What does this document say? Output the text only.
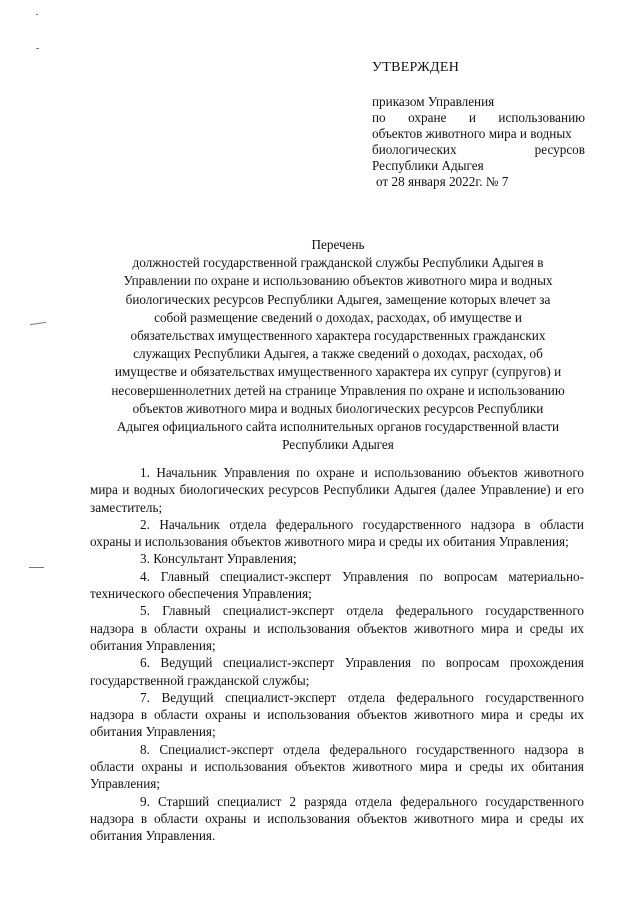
УТВЕРЖДЕН
приказом Управления
по охране и использованию
объектов животного мира и водных
биологических ресурсов
Республики Адыгея
от 28 января 2022г. № 7
Перечень
должностей государственной гражданской службы Республики Адыгея в
Управлении по охране и использованию объектов животного мира и водных
биологических ресурсов Республики Адыгея, замещение которых влечет за
собой размещение сведений о доходах, расходах, об имуществе и
обязательствах имущественного характера государственных гражданских
служащих Республики Адыгея, а также сведений о доходах, расходах, об
имуществе и обязательствах имущественного характера их супруг (супругов) и
несовершеннолетних детей на странице Управления по охране и использованию
объектов животного мира и водных биологических ресурсов Республики
Адыгея официального сайта исполнительных органов государственной власти
Республики Адыгея
1. Начальник Управления по охране и использованию объектов животного мира и водных биологических ресурсов Республики Адыгея (далее Управление) и его заместитель;
2. Начальник отдела федерального государственного надзора в области охраны и использования объектов животного мира и среды их обитания Управления;
3. Консультант Управления;
4. Главный специалист-эксперт Управления по вопросам материально-технического обеспечения Управления;
5. Главный специалист-эксперт отдела федерального государственного надзора в области охраны и использования объектов животного мира и среды их обитания Управления;
6. Ведущий специалист-эксперт Управления по вопросам прохождения государственной гражданской службы;
7. Ведущий специалист-эксперт отдела федерального государственного надзора в области охраны и использования объектов животного мира и среды их обитания Управления;
8. Специалист-эксперт отдела федерального государственного надзора в области охраны и использования объектов животного мира и среды их обитания Управления;
9. Старший специалист 2 разряда отдела федерального государственного надзора в области охраны и использования объектов животного мира и среды их обитания Управления.
